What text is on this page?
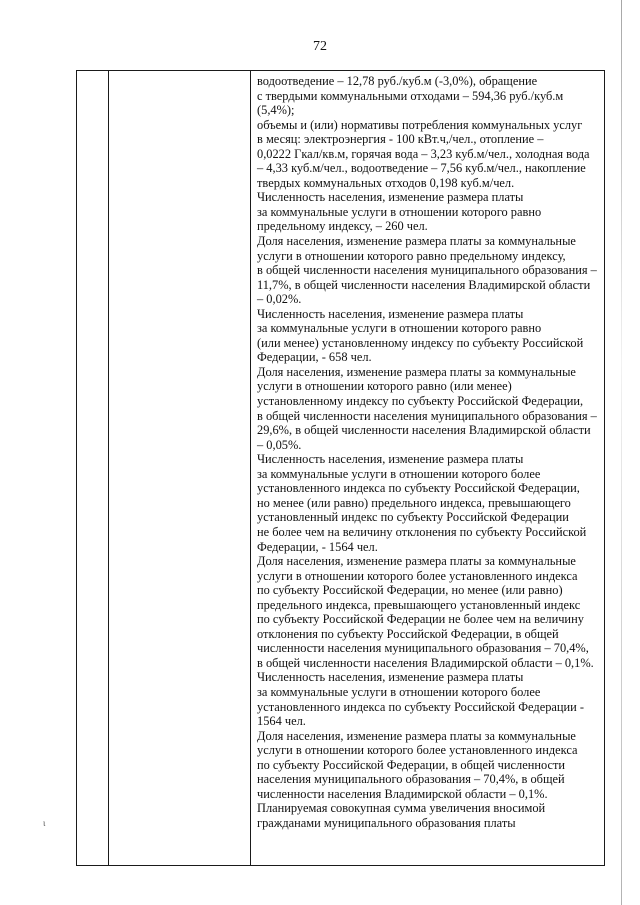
72
водоотведение – 12,78 руб./куб.м (-3,0%), обращение
с твердыми коммунальными отходами – 594,36 руб./куб.м
(5,4%);
объемы и (или) нормативы потребления коммунальных услуг
в месяц: электроэнергия - 100 кВт.ч,/чел., отопление –
0,0222 Гкал/кв.м, горячая вода – 3,23 куб.м/чел., холодная вода
– 4,33 куб.м/чел., водоотведение – 7,56 куб.м/чел., накопление
твердых коммунальных отходов 0,198 куб.м/чел.
Численность населения, изменение размера платы
за коммунальные услуги в отношении которого равно
предельному индексу, – 260 чел.
Доля населения, изменение размера платы за коммунальные
услуги в отношении которого равно предельному индексу,
в общей численности населения муниципального образования –
11,7%, в общей численности населения Владимирской области
– 0,02%.
Численность населения, изменение размера платы
за коммунальные услуги в отношении которого равно
(или менее) установленному индексу по субъекту Российской
Федерации, - 658 чел.
Доля населения, изменение размера платы за коммунальные
услуги в отношении которого равно (или менее)
установленному индексу по субъекту Российской Федерации,
в общей численности населения муниципального образования –
29,6%, в общей численности населения Владимирской области
– 0,05%.
Численность населения, изменение размера платы
за коммунальные услуги в отношении которого более
установленного индекса по субъекту Российской Федерации,
но менее (или равно) предельного индекса, превышающего
установленный индекс по субъекту Российской Федерации
не более чем на величину отклонения по субъекту Российской
Федерации, - 1564 чел.
Доля населения, изменение размера платы за коммунальные
услуги в отношении которого более установленного индекса
по субъекту Российской Федерации, но менее (или равно)
предельного индекса, превышающего установленный индекс
по субъекту Российской Федерации не более чем на величину
отклонения по субъекту Российской Федерации, в общей
численности населения муниципального образования – 70,4%,
в общей численности населения Владимирской области – 0,1%.
Численность населения, изменение размера платы
за коммунальные услуги в отношении которого более
установленного индекса по субъекту Российской Федерации -
1564 чел.
Доля населения, изменение размера платы за коммунальные
услуги в отношении которого более установленного индекса
по субъекту Российской Федерации, в общей численности
населения муниципального образования – 70,4%, в общей
численности населения Владимирской области – 0,1%.
Планируемая совокупная сумма увеличения вносимой
гражданами муниципального образования платы
ι
